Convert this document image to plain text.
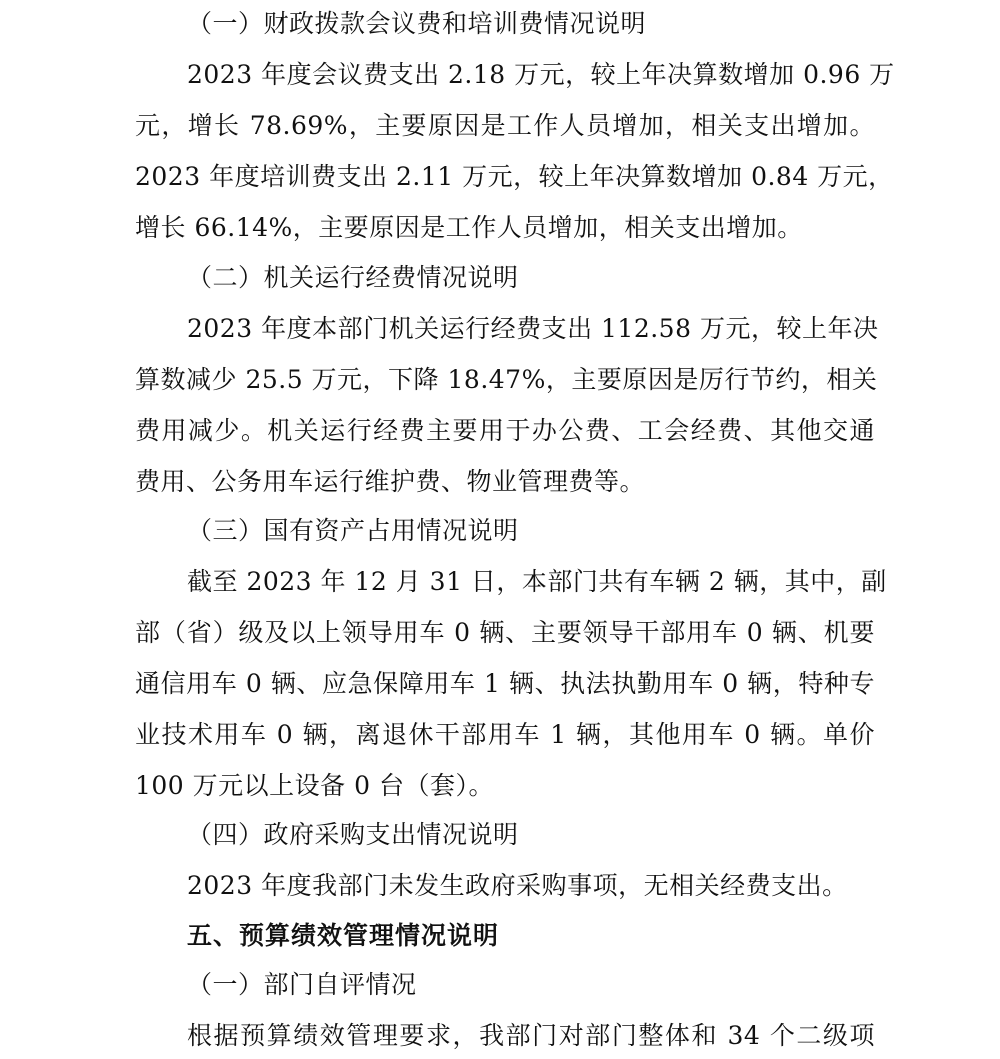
（一）财政拨款会议费和培训费情况说明
2023 年度会议费支出 2.18 万元，较上年决算数增加 0.96 万
元，增长 78.69%，主要原因是工作人员增加，相关支出增加。
2023 年度培训费支出 2.11 万元，较上年决算数增加 0.84 万元，
增长 66.14%，主要原因是工作人员增加，相关支出增加。
（二）机关运行经费情况说明
2023 年度本部门机关运行经费支出 112.58 万元，较上年决
算数减少 25.5 万元，下降 18.47%，主要原因是厉行节约，相关
费用减少。机关运行经费主要用于办公费、工会经费、其他交通
费用、公务用车运行维护费、物业管理费等。
（三）国有资产占用情况说明
截至 2023 年 12 月 31 日，本部门共有车辆 2 辆，其中，副
部（省）级及以上领导用车 0 辆、主要领导干部用车 0 辆、机要
通信用车 0 辆、应急保障用车 1 辆、执法执勤用车 0 辆，特种专
业技术用车 0 辆，离退休干部用车 1 辆，其他用车 0 辆。单价
100 万元以上设备 0 台（套）。
（四）政府采购支出情况说明
2023 年度我部门未发生政府采购事项，无相关经费支出。
五、预算绩效管理情况说明
（一）部门自评情况
根据预算绩效管理要求，我部门对部门整体和 34 个二级项
